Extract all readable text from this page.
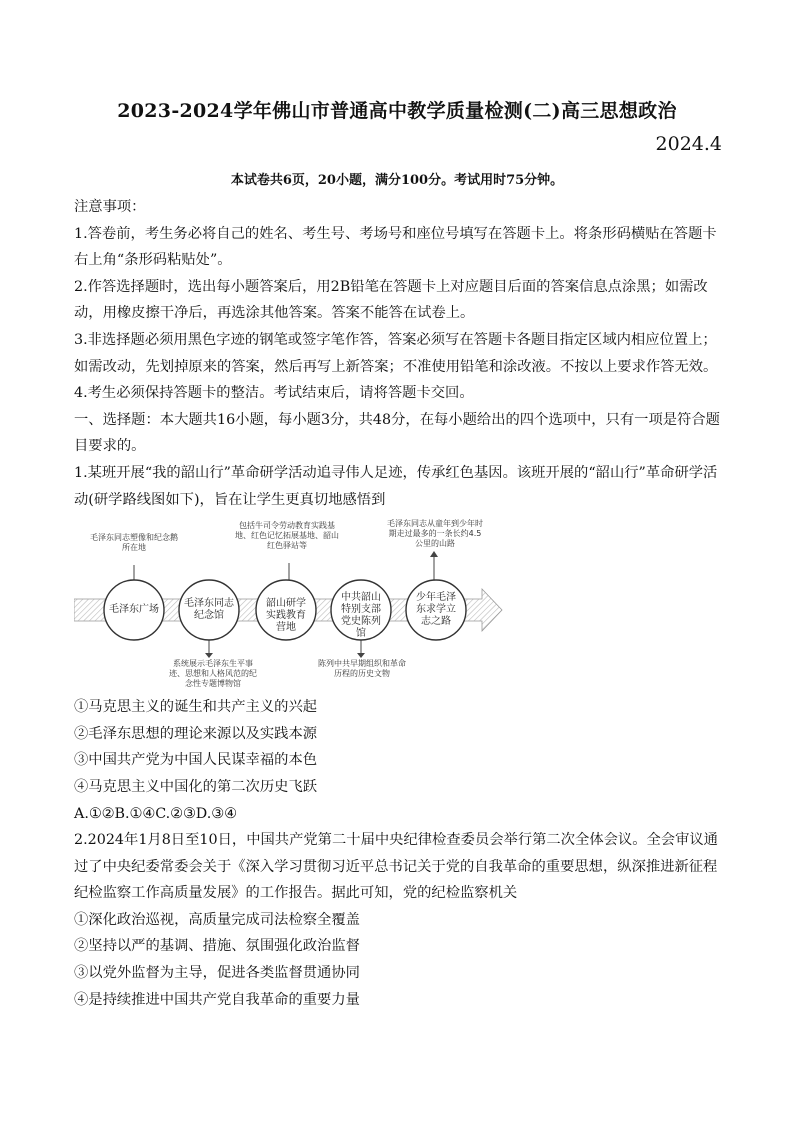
2023-2024学年佛山市普通高中教学质量检测(二)高三思想政治
2024.4
本试卷共6页，20小题，满分100分。考试用时75分钟。

注意事项：

1.答卷前，考生务必将自己的姓名、考生号、考场号和座位号填写在答题卡上。将条形码横贴在答题卡右上角“条形码粘贴处”。

2.作答选择题时，选出每小题答案后，用2B铅笔在答题卡上对应题目后面的答案信息点涂黑；如需改动，用橡皮擦干净后，再选涂其他答案。答案不能答在试卷上。

3.非选择题必须用黑色字迹的钢笔或签字笔作答，答案必须写在答题卡各题目指定区域内相应位置上；如需改动，先划掉原来的答案，然后再写上新答案；不准使用铅笔和涂改液。不按以上要求作答无效。

4.考生必须保持答题卡的整洁。考试结束后，请将答题卡交回。

一、选择题：本大题共16小题，每小题3分，共48分，在每小题给出的四个选项中，只有一项是符合题目要求的。

1.某班开展“我的韶山行”革命研学活动追寻伟人足迹，传承红色基因。该班开展的“韶山行”革命研学活动(研学路线图如下)，旨在让学生更真切地感悟到

毛泽东广场
毛泽东同志纪念馆
韶山研学实践教育营地
中共韶山特别支部党史陈列馆
少年毛泽东求学立志之路
毛泽东同志塑像和纪念鹅所在地
包括牛司令劳动教育实践基地、红色记忆拓展基地、韶山红色驿站等
毛泽东同志从童年到少年时期走过最多的一条长约4.5公里的山路
系统展示毛泽东生平事迹、思想和人格风范的纪念性专题博物馆
陈列中共早期组织和革命历程的历史文物

①马克思主义的诞生和共产主义的兴起

②毛泽东思想的理论来源以及实践本源

③中国共产党为中国人民谋幸福的本色

④马克思主义中国化的第二次历史飞跃

A.①②B.①④C.②③D.③④

2.2024年1月8日至10日，中国共产党第二十届中央纪律检查委员会举行第二次全体会议。全会审议通过了中央纪委常委会关于《深入学习贯彻习近平总书记关于党的自我革命的重要思想，纵深推进新征程纪检监察工作高质量发展》的工作报告。据此可知，党的纪检监察机关

①深化政治巡视，高质量完成司法检察全覆盖

②坚持以严的基调、措施、氛围强化政治监督

③以党外监督为主导，促进各类监督贯通协同

④是持续推进中国共产党自我革命的重要力量
